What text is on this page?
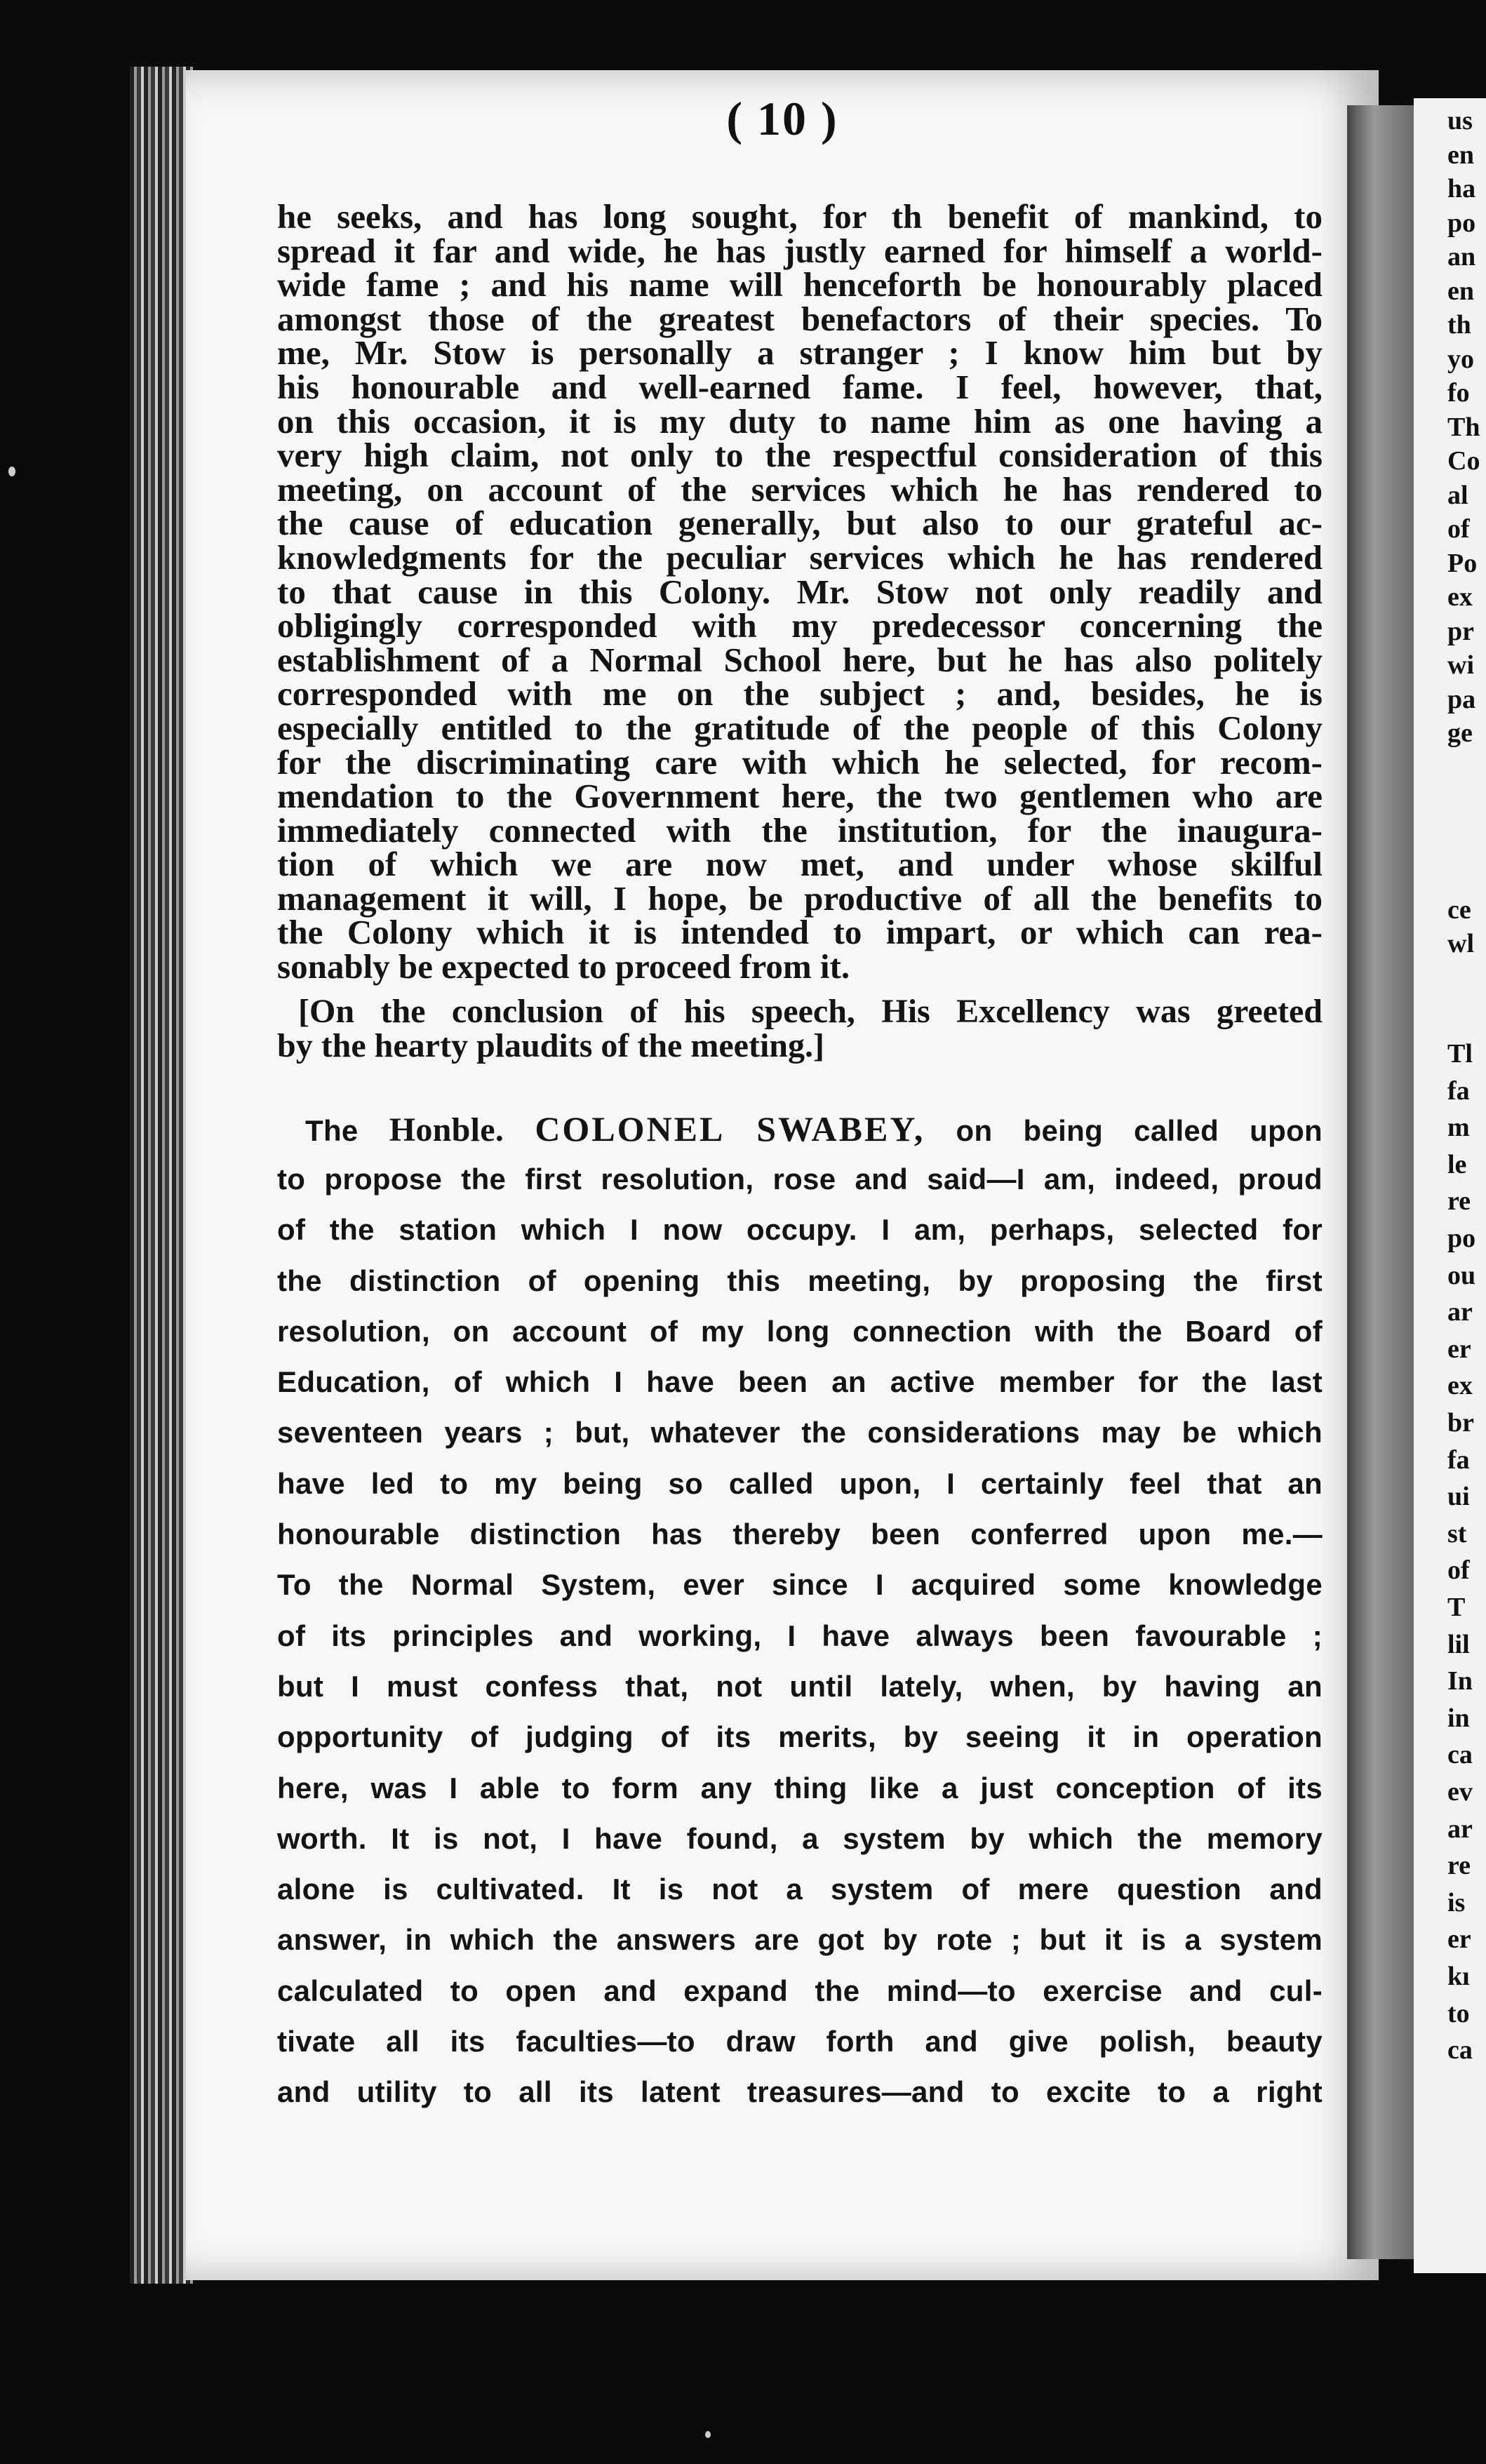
us
en
ha
po
an
en
th
yo
fo
Th
Co
al
of
Po
ex
pr
wi
pa
ge
ce
wl
Tl
fa
m
le
re
po
ou
ar
er
ex
br
fa
ui
st
of
T
lil
In
in
ca
ev
ar
re
is
er
kı
to
ca
( 10 )
he seeks, and has long sought, for th benefit of mankind, to
spread it far and wide, he has justly earned for himself a world-
wide fame ; and his name will henceforth be honourably placed
amongst those of the greatest benefactors of their species. To
me, Mr. Stow is personally a stranger ; I know him but by
his honourable and well-earned fame. I feel, however, that,
on this occasion, it is my duty to name him as one having a
very high claim, not only to the respectful consideration of this
meeting, on account of the services which he has rendered to
the cause of education generally, but also to our grateful ac-
knowledgments for the peculiar services which he has rendered
to that cause in this Colony. Mr. Stow not only readily and
obligingly corresponded with my predecessor concerning the
establishment of a Normal School here, but he has also politely
corresponded with me on the subject ; and, besides, he is
especially entitled to the gratitude of the people of this Colony
for the discriminating care with which he selected, for recom-
mendation to the Government here, the two gentlemen who are
immediately connected with the institution, for the inaugura-
tion of which we are now met, and under whose skilful
management it will, I hope, be productive of all the benefits to
the Colony which it is intended to impart, or which can rea-
sonably be expected to proceed from it.
[On the conclusion of his speech, His Excellency was greeted
by the hearty plaudits of the meeting.]
The Honble. COLONEL SWABEY, on being called upon
to propose the first resolution, rose and said—I am, indeed, proud
of the station which I now occupy. I am, perhaps, selected for
the distinction of opening this meeting, by proposing the first
resolution, on account of my long connection with the Board of
Education, of which I have been an active member for the last
seventeen years ; but, whatever the considerations may be which
have led to my being so called upon, I certainly feel that an
honourable distinction has thereby been conferred upon me.—
To the Normal System, ever since I acquired some knowledge
of its principles and working, I have always been favourable ;
but I must confess that, not until lately, when, by having an
opportunity of judging of its merits, by seeing it in operation
here, was I able to form any thing like a just conception of its
worth. It is not, I have found, a system by which the memory
alone is cultivated. It is not a system of mere question and
answer, in which the answers are got by rote ; but it is a system
calculated to open and expand the mind—to exercise and cul-
tivate all its faculties—to draw forth and give polish, beauty
and utility to all its latent treasures—and to excite to a right
